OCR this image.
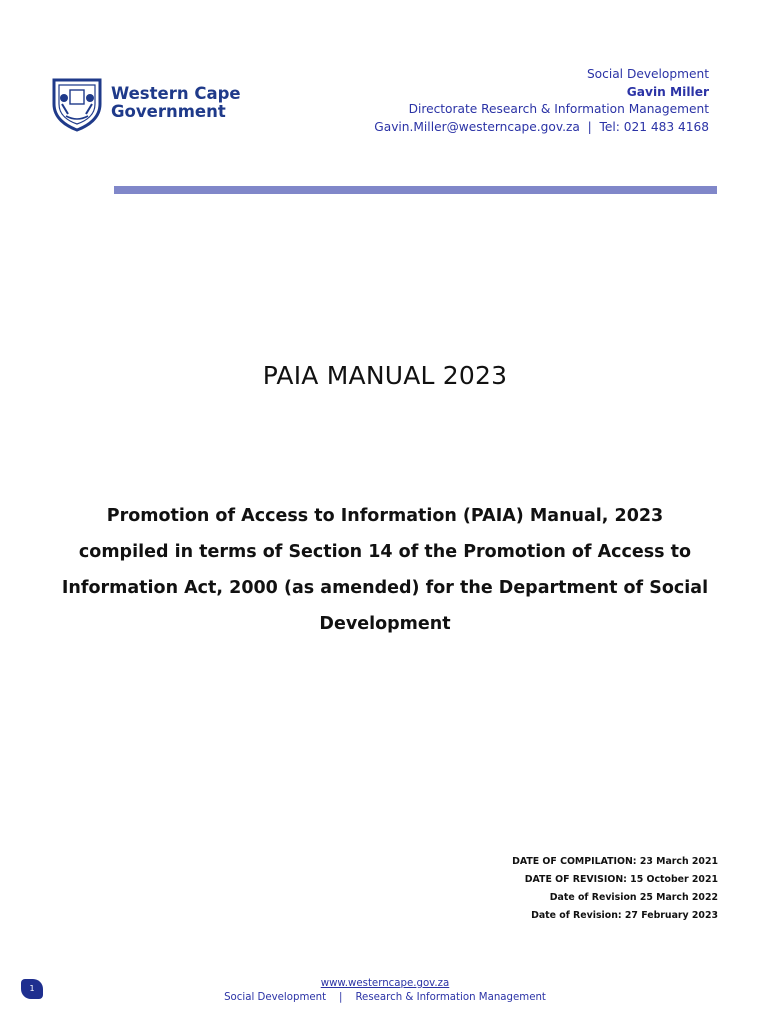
Western Cape
Government
Social Development
Gavin Miller
Directorate Research & Information Management
Gavin.Miller@westerncape.gov.za  |  Tel: 021 483 4168
PAIA MANUAL 2023
Promotion of Access to Information (PAIA) Manual, 2023
compiled in terms of Section 14 of the Promotion of Access to
Information Act, 2000 (as amended) for the Department of Social
Development
DATE OF COMPILATION: 23 March 2021
DATE OF REVISION: 15 October 2021
Date of Revision 25 March 2022
Date of Revision: 27 February 2023
1	www.westerncape.gov.za
Social Development    |    Research & Information Management
